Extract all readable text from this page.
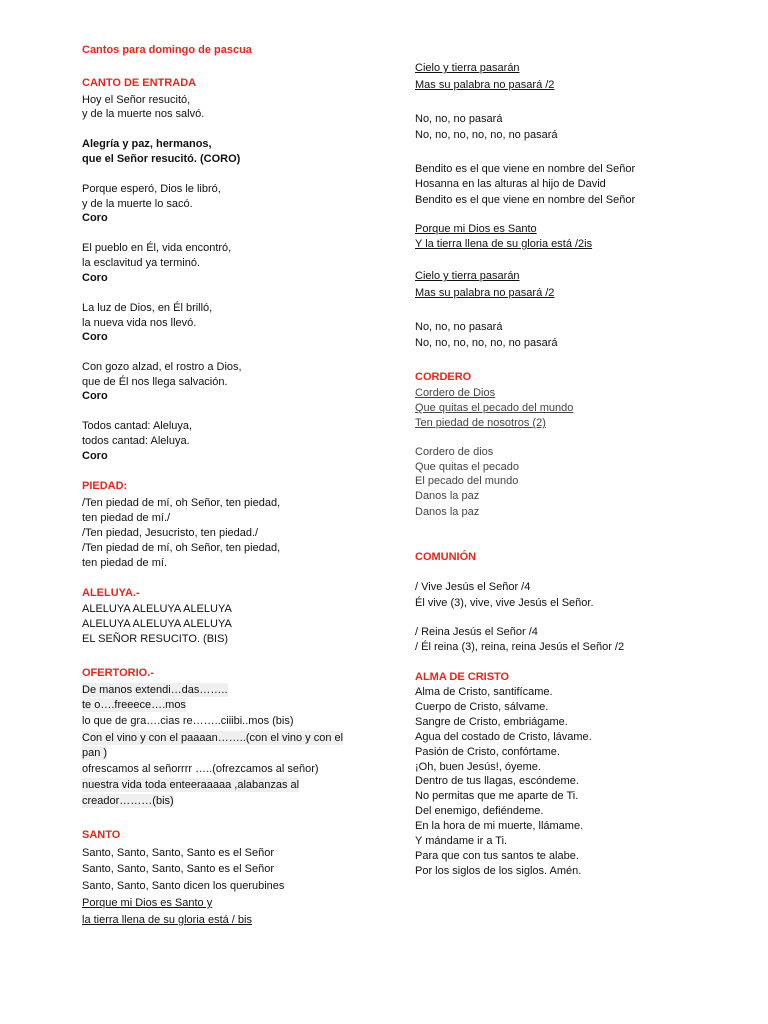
Cantos para domingo de pascua
CANTO DE ENTRADA
Hoy el Señor resucitó,
y de la muerte nos salvó.
Alegría y paz, hermanos,
que el Señor resucitó. (CORO)
Porque esperó, Dios le libró,
y de la muerte lo sacó.
Coro
El pueblo en Él, vida encontró,
la esclavitud ya terminó.
Coro
La luz de Dios, en Él brilló,
la nueva vida nos llevó.
Coro
Con gozo alzad, el rostro a Dios,
que de Él nos llega salvación.
Coro
Todos cantad: Aleluya,
todos cantad: Aleluya.
Coro
PIEDAD:
/Ten piedad de mí, oh Señor, ten piedad,
ten piedad de mí./
/Ten piedad, Jesucristo, ten piedad./
/Ten piedad de mí, oh Señor, ten piedad,
ten piedad de mí.
ALELUYA.-
ALELUYA ALELUYA ALELUYA
ALELUYA ALELUYA ALELUYA
EL SEÑOR RESUCITO. (BIS)
OFERTORIO.-
De manos extendi…das……..
te o….freeece….mos
lo que de gra….cias re……..ciiibi..mos (bis)
Con el vino y con el paaaan……..(con el vino y con el
pan )
ofrescamos al señorrrr …..(ofrezcamos al señor)
nuestra vida toda enteeraaaaa ,alabanzas al
creador………(bis)
SANTO
Santo, Santo, Santo, Santo es el Señor
Santo, Santo, Santo, Santo es el Señor
Santo, Santo, Santo dicen los querubines
Porque mi Dios es Santo y
la tierra llena de su gloria está / bis
Cielo y tierra pasarán
Mas su palabra no pasará /2
No, no, no pasará
No, no, no, no, no, no pasará
Bendito es el que viene en nombre del Señor
Hosanna en las alturas al hijo de David
Bendito es el que viene en nombre del Señor
Porque mi Dios es Santo
Y la tierra llena de su gloria está /2is
Cielo y tierra pasarán
Mas su palabra no pasará /2
No, no, no pasará
No, no, no, no, no, no pasará
CORDERO
Cordero de Dios
Que quitas el pecado del mundo
Ten piedad de nosotros (2)
Cordero de dios
Que quitas el pecado
El pecado del mundo
Danos la paz
Danos la paz
COMUNIÓN
/ Vive Jesús el Señor /4
Él vive (3), vive, vive Jesús el Señor.
/ Reina Jesús el Señor /4
/ Él reina (3), reina, reina Jesús el Señor /2
ALMA DE CRISTO
Alma de Cristo, santifícame.
Cuerpo de Cristo, sálvame.
Sangre de Cristo, embriágame.
Agua del costado de Cristo, lávame.
Pasión de Cristo, confórtame.
¡Oh, buen Jesús!, óyeme.
Dentro de tus llagas, escóndeme.
No permitas que me aparte de Ti.
Del enemigo, defiéndeme.
En la hora de mi muerte, llámame.
Y mándame ir a Ti.
Para que con tus santos te alabe.
Por los siglos de los siglos. Amén.
